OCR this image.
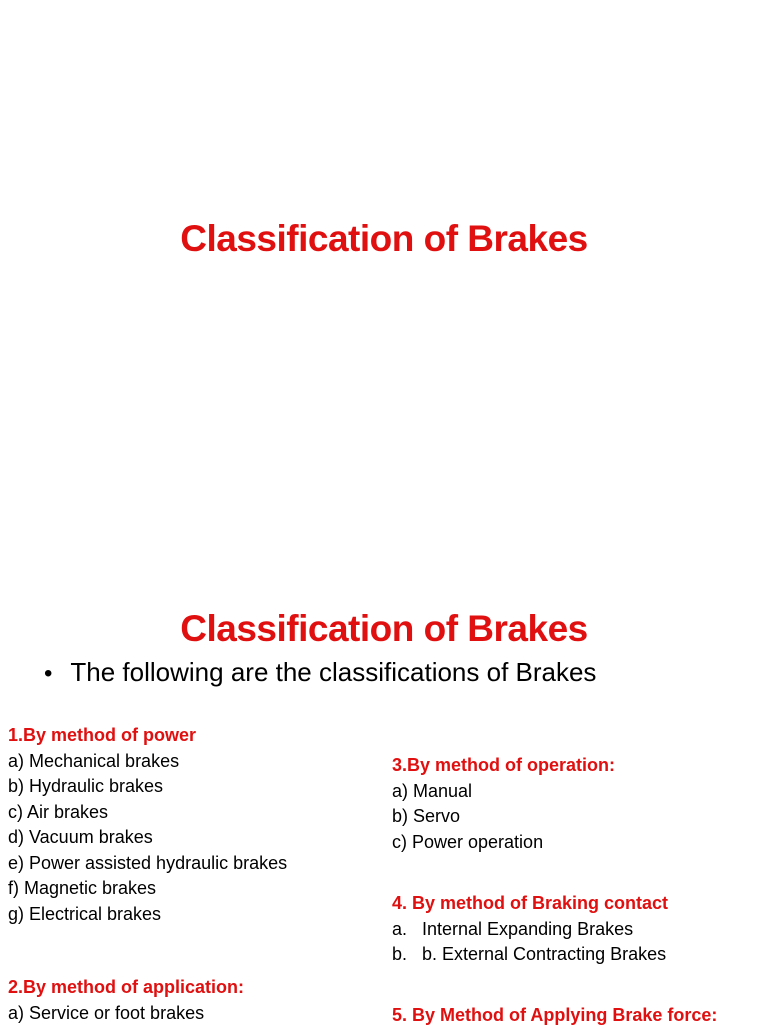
Classification of Brakes
Classification of Brakes
• The following are the classifications of Brakes
1.By method of power
a) Mechanical brakes
b) Hydraulic brakes
c) Air brakes
d) Vacuum brakes
e) Power assisted hydraulic brakes
f) Magnetic brakes
g) Electrical brakes
2.By method of application:
a) Service or foot brakes
3.By method of operation:
a) Manual
b) Servo
c) Power operation
4. By method of Braking contact
a. Internal Expanding Brakes
b. b. External Contracting Brakes
5. By Method of Applying Brake force:
